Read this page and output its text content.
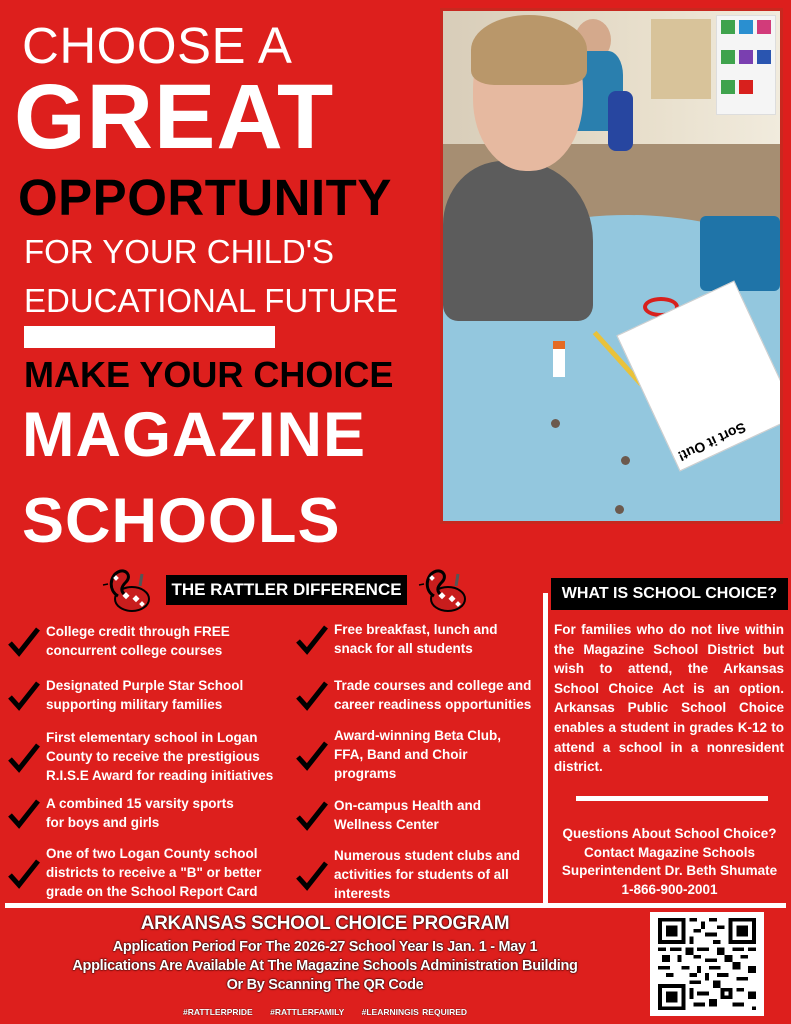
CHOOSE A
GREAT
OPPORTUNITY
FOR YOUR CHILD'S
EDUCATIONAL FUTURE
MAKE YOUR CHOICE
MAGAZINE
SCHOOLS
Sort it Out!
THE RATTLER DIFFERENCE
College credit through FREE concurrent college courses
Designated Purple Star School supporting military families
First elementary school in Logan County to receive the prestigious R.I.S.E Award for reading initiatives
A combined 15 varsity sports for boys and girls
One of two Logan County school districts to receive a "B" or better grade on the School Report Card
Free breakfast, lunch and snack for all students
Trade courses and college and career readiness opportunities
Award-winning Beta Club, FFA, Band and Choir programs
On-campus Health and Wellness Center
Numerous student clubs and activities for students of all interests
WHAT IS SCHOOL CHOICE?
For families who do not live within the Magazine School District but wish to attend, the Arkansas School Choice Act is an option. Arkansas Public School Choice enables a student in grades K-12 to attend a school in a nonresident district.
Questions About School Choice?
Contact Magazine Schools
Superintendent Dr. Beth Shumate
1-866-900-2001
ARKANSAS SCHOOL CHOICE PROGRAM
Application Period For The 2026-27 School Year Is Jan. 1 - May 1
Applications Are Available At The Magazine Schools Administration Building
Or By Scanning The QR Code
#RATTLERPRIDE #RATTLERFAMILY #LEARNINGIS REQUIRED
